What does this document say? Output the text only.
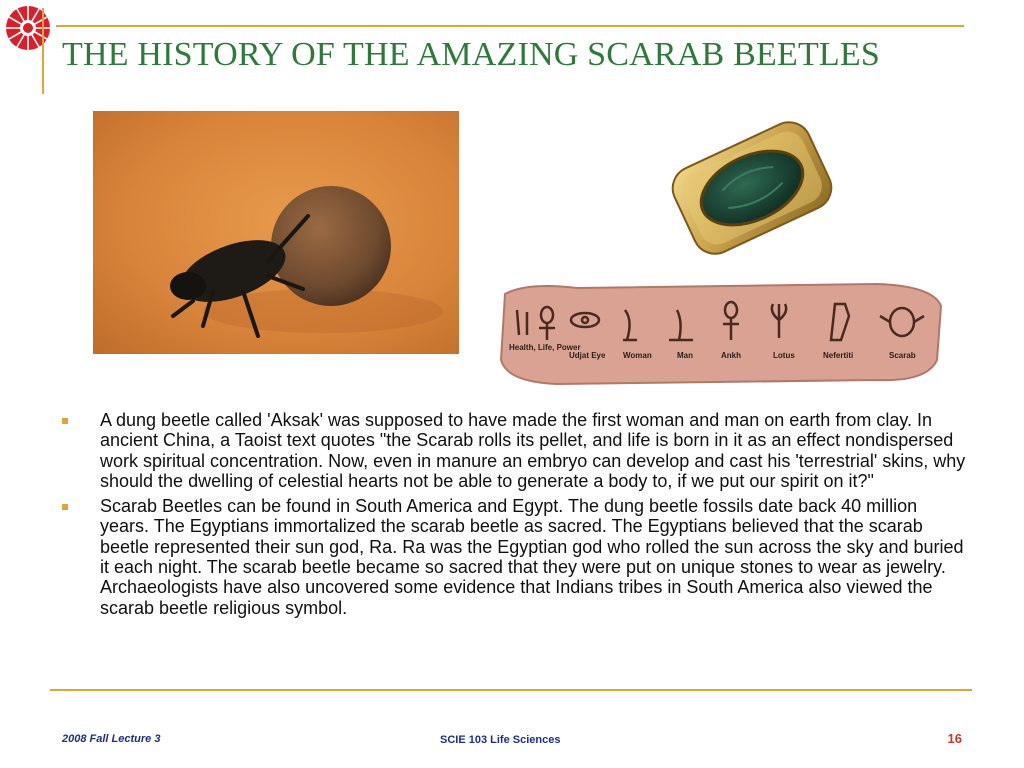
THE HISTORY OF THE AMAZING SCARAB BEETLES
Health, Life, Power
Udjat Eye Woman	Man	Ankh	Lotus	Nefertiti	Scarab
A dung beetle called 'Aksak' was supposed to have made the first woman and man on earth from clay. In ancient China, a Taoist text quotes "the Scarab rolls its pellet, and life is born in it as an effect nondispersed work spiritual concentration. Now, even in manure an embryo can develop and cast his 'terrestrial' skins, why should the dwelling of celestial hearts not be able to generate a body to, if we put our spirit on it?"
Scarab Beetles can be found in South America and Egypt. The dung beetle fossils date back 40 million years. The Egyptians immortalized the scarab beetle as sacred. The Egyptians believed that the scarab beetle represented their sun god, Ra. Ra was the Egyptian god who rolled the sun across the sky and buried it each night. The scarab beetle became so sacred that they were put on unique stones to wear as jewelry. Archaeologists have also uncovered some evidence that Indians tribes in South America also viewed the scarab beetle religious symbol.
2008 Fall Lecture 3	SCIE 103 Life Sciences	16
